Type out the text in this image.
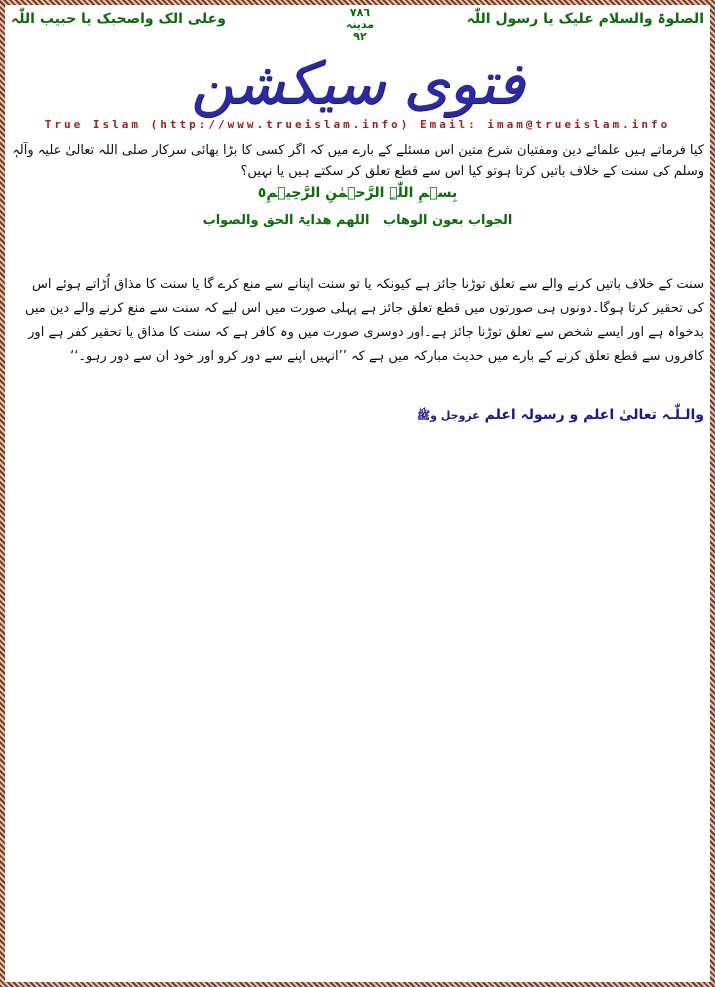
الصلوۃ والسلام علیک یا رسول اللّٰہ
۷۸٦
مدینہ
۹۲
وعلی الک واصحبک یا حبیب اللّٰہ
فتوی سیکشن
True Islam (http://www.trueislam.info) Email: imam@trueislam.info
کیا فرماتے ہیں علمائے دین ومفتیان شرع متین اس مسئلے کے بارے میں کہ اگر کسی کا بڑا بھائی سرکار صلی اللہ تعالیٰ علیہ وآلہٖ وسلم کی سنت کے خلاف باتیں کرتا ہوتو کیا اس سے قطع تعلق کر سکتے ہیں یا نہیں؟
بِسۡمِ اللّٰہِ الرَّحۡمٰنِ الرَّحِیۡمِ٥
الجواب بعون الوھاب   اللھم ھدایۃ الحق والصواب
سنت کے خلاف باتیں کرنے والے سے تعلق توڑنا جائز ہے کیونکہ یا تو سنت اپنانے سے منع کرے گا یا سنت کا مذاق اُڑاتے ہوئے اس کی تحقیر کرتا ہوگا۔دونوں ہی صورتوں میں قطع تعلق جائز ہے پہلی صورت میں اس لیے کہ سنت سے منع کرنے والے دین میں بدخواہ ہے اور ایسے شخص سے تعلق توڑنا جائز ہے۔اور دوسری صورت میں وہ کافر ہے کہ سنت کا مذاق یا تحقیر کفر ہے اور کافروں سے قطع تعلق کرنے کے بارے میں حدیث مبارکہ میں ہے کہ ’’انہیں اپنے سے دور کرو اور خود ان سے دور رہو۔‘‘
والـلّٰـہ تعالیٰ اعلم و رسولہ اعلم عزوجل وﷺ
